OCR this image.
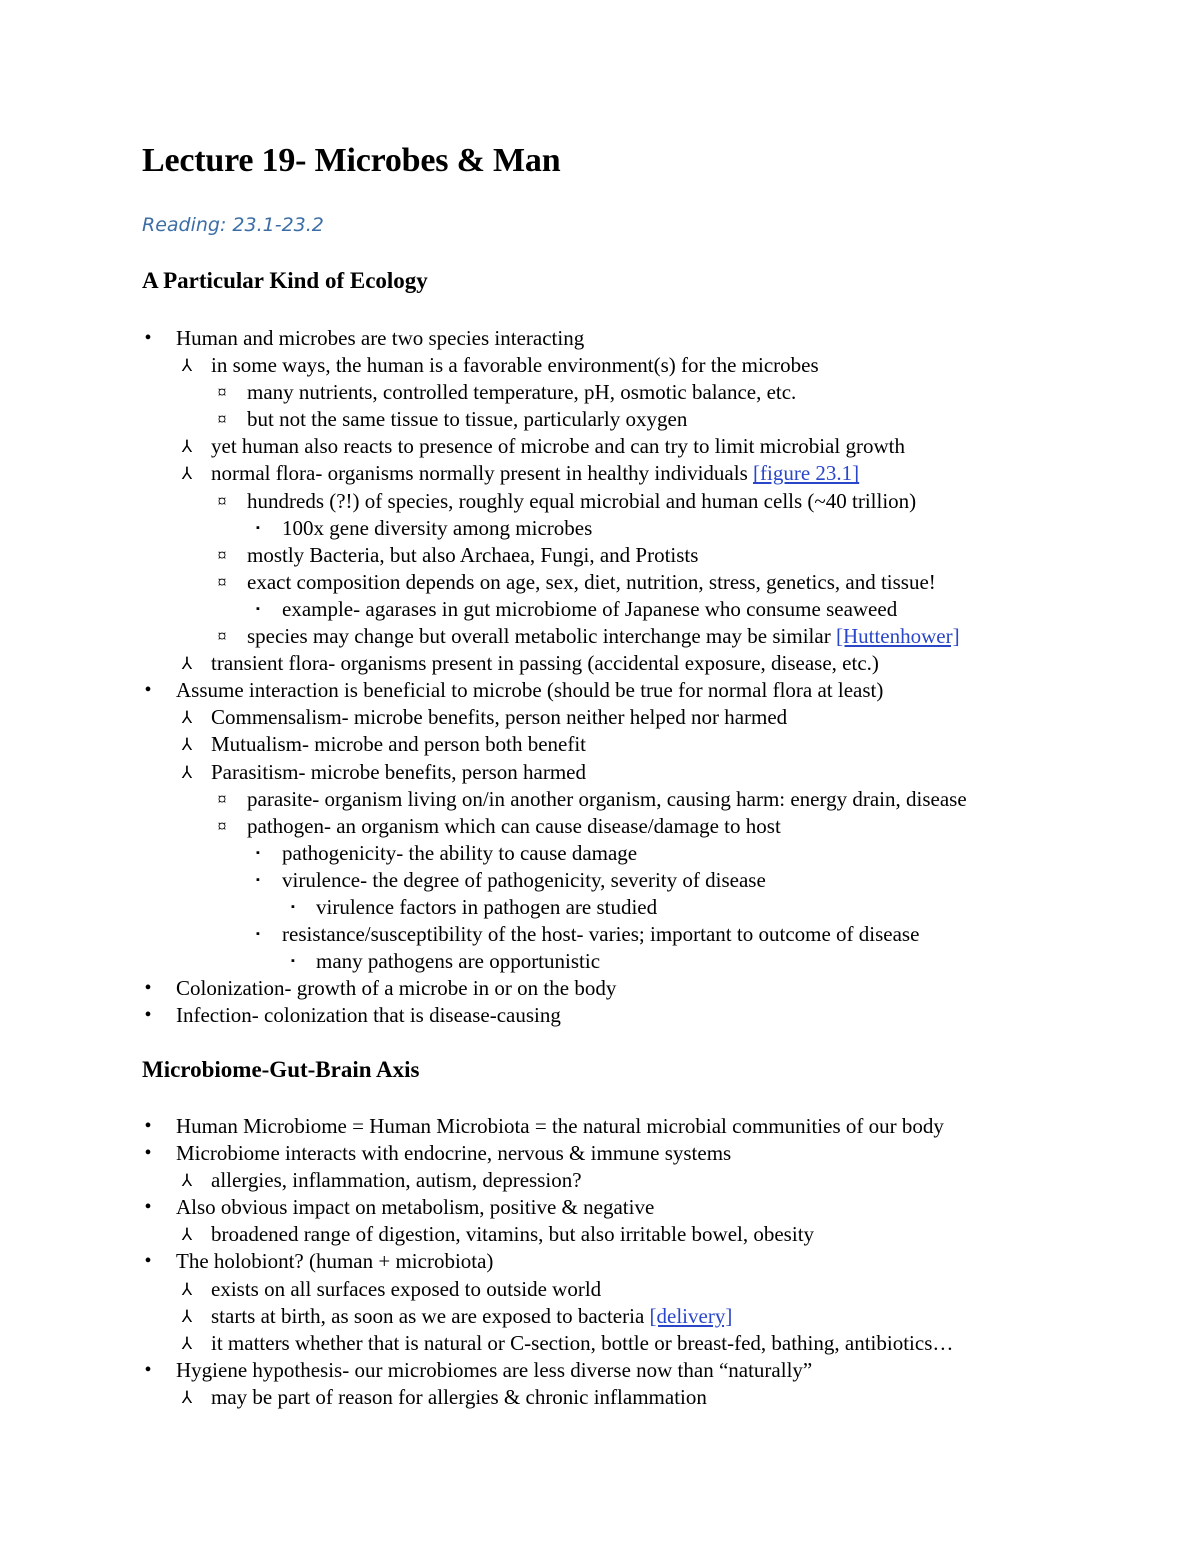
Lecture 19- Microbes & Man
Reading: 23.1-23.2
A Particular Kind of Ecology
•	Human and microbes are two species interacting
⅄ in some ways, the human is a favorable environment(s) for the microbes
¤ many nutrients, controlled temperature, pH, osmotic balance, etc.
¤ but not the same tissue to tissue, particularly oxygen
⅄ yet human also reacts to presence of microbe and can try to limit microbial growth
⅄ normal flora- organisms normally present in healthy individuals [figure 23.1]
¤ hundreds (?!) of species, roughly equal microbial and human cells (~40 trillion)
▪	100x gene diversity among microbes
¤ mostly Bacteria, but also Archaea, Fungi, and Protists
¤ exact composition depends on age, sex, diet, nutrition, stress, genetics, and tissue!
▪	example- agarases in gut microbiome of Japanese who consume seaweed
¤ species may change but overall metabolic interchange may be similar [Huttenhower]
⅄ transient flora- organisms present in passing (accidental exposure, disease, etc.)
•	Assume interaction is beneficial to microbe (should be true for normal flora at least)
⅄ Commensalism- microbe benefits, person neither helped nor harmed
⅄ Mutualism- microbe and person both benefit
⅄ Parasitism- microbe benefits, person harmed
¤ parasite- organism living on/in another organism, causing harm: energy drain, disease
¤ pathogen- an organism which can cause disease/damage to host
▪	pathogenicity- the ability to cause damage
▪	virulence- the degree of pathogenicity, severity of disease
▪	virulence factors in pathogen are studied
▪	resistance/susceptibility of the host- varies; important to outcome of disease
▪	many pathogens are opportunistic
•	Colonization- growth of a microbe in or on the body
•	Infection- colonization that is disease-causing
Microbiome-Gut-Brain Axis
•	Human Microbiome = Human Microbiota = the natural microbial communities of our body
•	Microbiome interacts with endocrine, nervous & immune systems
⅄ allergies, inflammation, autism, depression?
•	Also obvious impact on metabolism, positive & negative
⅄ broadened range of digestion, vitamins, but also irritable bowel, obesity
•	The holobiont? (human + microbiota)
⅄ exists on all surfaces exposed to outside world
⅄ starts at birth, as soon as we are exposed to bacteria [delivery]
⅄ it matters whether that is natural or C-section, bottle or breast-fed, bathing, antibiotics…
•	Hygiene hypothesis- our microbiomes are less diverse now than “naturally”
⅄ may be part of reason for allergies & chronic inflammation
